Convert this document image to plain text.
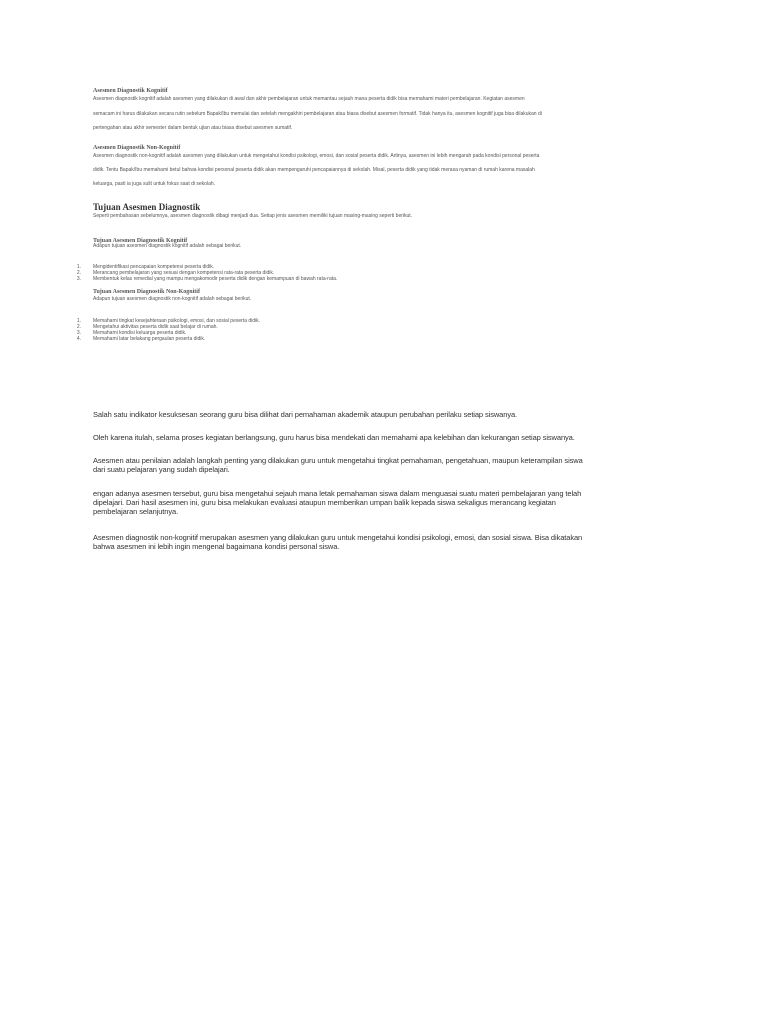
Asesmen Diagnostik Kognitif

Asesmen diagnostik kognitif adalah asesmen yang dilakukan di awal dan akhir pembelajaran untuk memantau sejauh mana peserta didik bisa memahami materi pembelajaran. Kegiatan asesmen

semacam ini harus dilakukan secara rutin sebelum Bapak/Ibu memulai dan setelah mengakhiri pembelajaran atau biasa disebut asesmen formatif. Tidak hanya itu, asesmen kognitif juga bisa dilakukan di

pertengahan atau akhir semester dalam bentuk ujian atau biasa disebut asesmen sumatif.

Asesmen Diagnostik Non-Kognitif

Asesmen diagnostik non-kognitif adalah asesmen yang dilakukan untuk mengetahui kondisi psikologi, emosi, dan sosial peserta didik. Artinya, asesmen ini lebih mengarah pada kondisi personal peserta

didik. Tentu Bapak/Ibu memahami betul bahwa kondisi personal peserta didik akan mempengaruhi pencapaiannya di sekolah. Misal, peserta didik yang tidak merasa nyaman di rumah karena masalah

keluarga, pasti ia juga sulit untuk fokus saat di sekolah.

Tujuan Asesmen Diagnostik

Seperti pembahasan sebelumnya, asesmen diagnostik dibagi menjadi dua. Setiap jenis asesmen memiliki tujuan masing-masing seperti berikut.

Tujuan Asesmen Diagnostik Kognitif

Adapun tujuan asesmen diagnostik kognitif adalah sebagai berikut.

1. Mengidentifikasi pencapaian kompetensi peserta didik.
2. Merancang pembelajaran yang sesuai dengan kompetensi rata-rata peserta didik.
3. Membentuk kelas remedial yang mampu mengakomodir peserta didik dengan kemampuan di bawah rata-rata.
Tujuan Asesmen Diagnostik Non-Kognitif

Adapun tujuan asesmen diagnostik non-kognitif adalah sebagai berikut.

1. Memahami tingkat kesejahteraan psikologi, emosi, dan sosial peserta didik.
2. Mengetahui aktivitas peserta didik saat belajar di rumah.
3. Memahami kondisi keluarga peserta didik.
4. Memahami latar belakang pergaulan peserta didik.

Salah satu indikator kesuksesan seorang guru bisa dilihat dari pemahaman akademik ataupun perubahan perilaku setiap siswanya.

Oleh karena itulah, selama proses kegiatan berlangsung, guru harus bisa mendekati dan memahami apa kelebihan dan kekurangan setiap siswanya.

Asesmen atau penilaian adalah langkah penting yang dilakukan guru untuk mengetahui tingkat pemahaman, pengetahuan, maupun keterampilan siswa

dari suatu pelajaran yang sudah dipelajari.

engan adanya asesmen tersebut, guru bisa mengetahui sejauh mana letak pemahaman siswa dalam menguasai suatu materi pembelajaran yang telah

dipelajari. Dari hasil asesmen ini, guru bisa melakukan evaluasi ataupun memberikan umpan balik kepada siswa sekaligus merancang kegiatan

pembelajaran selanjutnya.

Asesmen diagnostik non-kognitif merupakan asesmen yang dilakukan guru untuk mengetahui kondisi psikologi, emosi, dan sosial siswa. Bisa dikatakan

bahwa asesmen ini lebih ingin mengenal bagaimana kondisi personal siswa.
